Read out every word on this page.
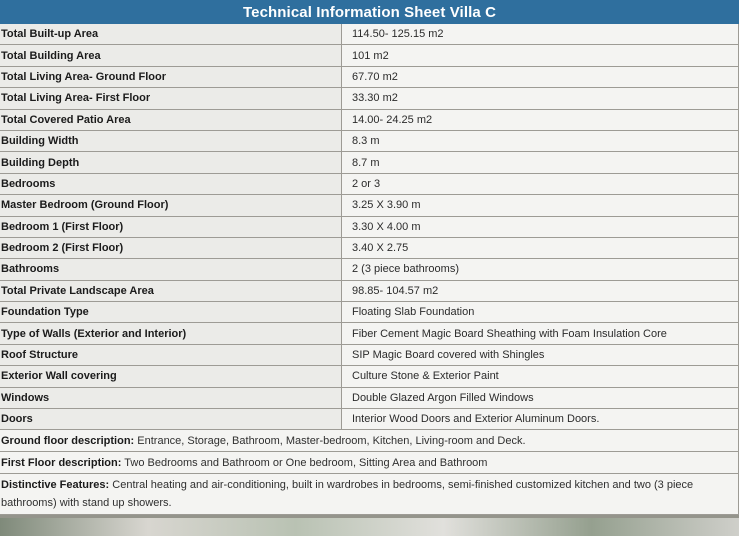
Technical Information Sheet Villa C
Total Built-up Area	114.50- 125.15 m2
Total Building Area	101 m2
Total Living Area- Ground Floor	67.70 m2
Total Living Area- First Floor	33.30 m2
Total Covered Patio Area	14.00- 24.25 m2
Building Width	8.3 m
Building Depth	8.7 m
Bedrooms	2 or 3
Master Bedroom (Ground Floor)	3.25 X 3.90 m
Bedroom 1 (First Floor)	3.30 X 4.00 m
Bedroom 2 (First Floor)	3.40 X 2.75
Bathrooms	2 (3 piece bathrooms)
Total Private Landscape Area	98.85- 104.57 m2
Foundation Type	Floating Slab Foundation
Type of Walls (Exterior and Interior)	Fiber Cement Magic Board Sheathing with Foam Insulation Core
Roof Structure	SIP Magic Board covered with Shingles
Exterior Wall covering	Culture Stone & Exterior Paint
Windows	Double Glazed Argon Filled Windows
Doors	Interior Wood Doors and Exterior Aluminum Doors.
Ground floor description: Entrance, Storage, Bathroom, Master-bedroom, Kitchen, Living-room and Deck.	
First Floor description: Two Bedrooms and Bathroom or One bedroom, Sitting Area and Bathroom	
Distinctive Features: Central heating and air-conditioning, built in wardrobes in bedrooms, semi-finished customized kitchen and two (3 piece bathrooms) with stand up showers.	
